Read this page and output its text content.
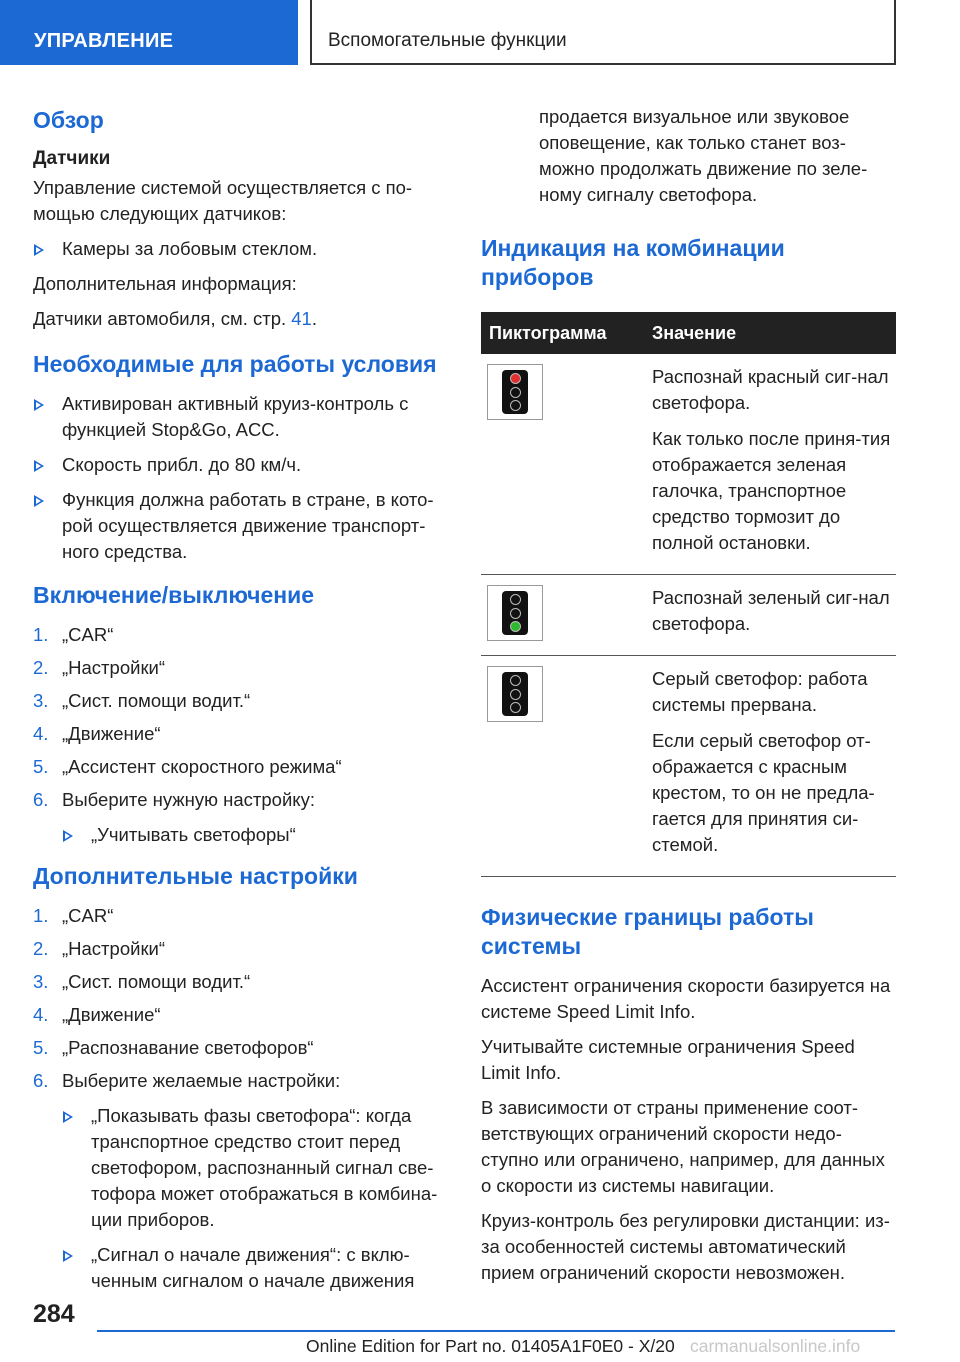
УПРАВЛЕНИЕ	Вспомогательные функции
Обзор
Датчики

Управление системой осуществляется с по-мощью следующих датчиков:

Камеры за лобовым стеклом.

Дополнительная информация:

Датчики автомобиля, см. стр. 41.

Необходимые для работы условия
Активирован активный круиз-контроль с функцией Stop&Go, ACC.
Скорость прибл. до 80 км/ч.
Функция должна работать в стране, в кото-рой осуществляется движение транспорт-ного средства.
Включение/выключение
1. „CAR“
2. „Настройки“
3. „Сист. помощи водит.“
4. „Движение“
5. „Ассистент скоростного режима“
6. Выберите нужную настройку:
„Учитывать светофоры“
Дополнительные настройки
1. „CAR“
2. „Настройки“
3. „Сист. помощи водит.“
4. „Движение“
5. „Распознавание светофоров“
6. Выберите желаемые настройки:
„Показывать фазы светофора“: когда транспортное средство стоит перед светофором, распознанный сигнал све-тофора может отображаться в комбина-ции приборов.
„Сигнал о начале движения“: с вклю-ченным сигналом о начале движения

продается визуальное или звуковое оповещение, как только станет воз-можно продолжать движение по зеле-ному сигналу светофора.

Индикация на комбинации приборов
Пиктограмма	Значение

	Распознай красный сиг-нал светофора.

Как только после приня-тия отображается зеленая галочка, транспортное средство тормозит до полной остановки.

	Распознай зеленый сиг-нал светофора.

	Серый светофор: работа системы прервана.

Если серый светофор от-ображается с красным крестом, то он не предла-гается для принятия си-стемой.

Физические границы работы системы

Ассистент ограничения скорости базируется на системе Speed Limit Info.

Учитывайте системные ограничения Speed Limit Info.

В зависимости от страны применение соот-ветствующих ограничений скорости недо-ступно или ограничено, например, для данных о скорости из системы навигации.

Круиз-контроль без регулировки дистанции: из-за особенностей системы автоматический прием ограничений скорости невозможен.

284
Online Edition for Part no. 01405A1F0E0 - X/20 carmanualsonline.info
